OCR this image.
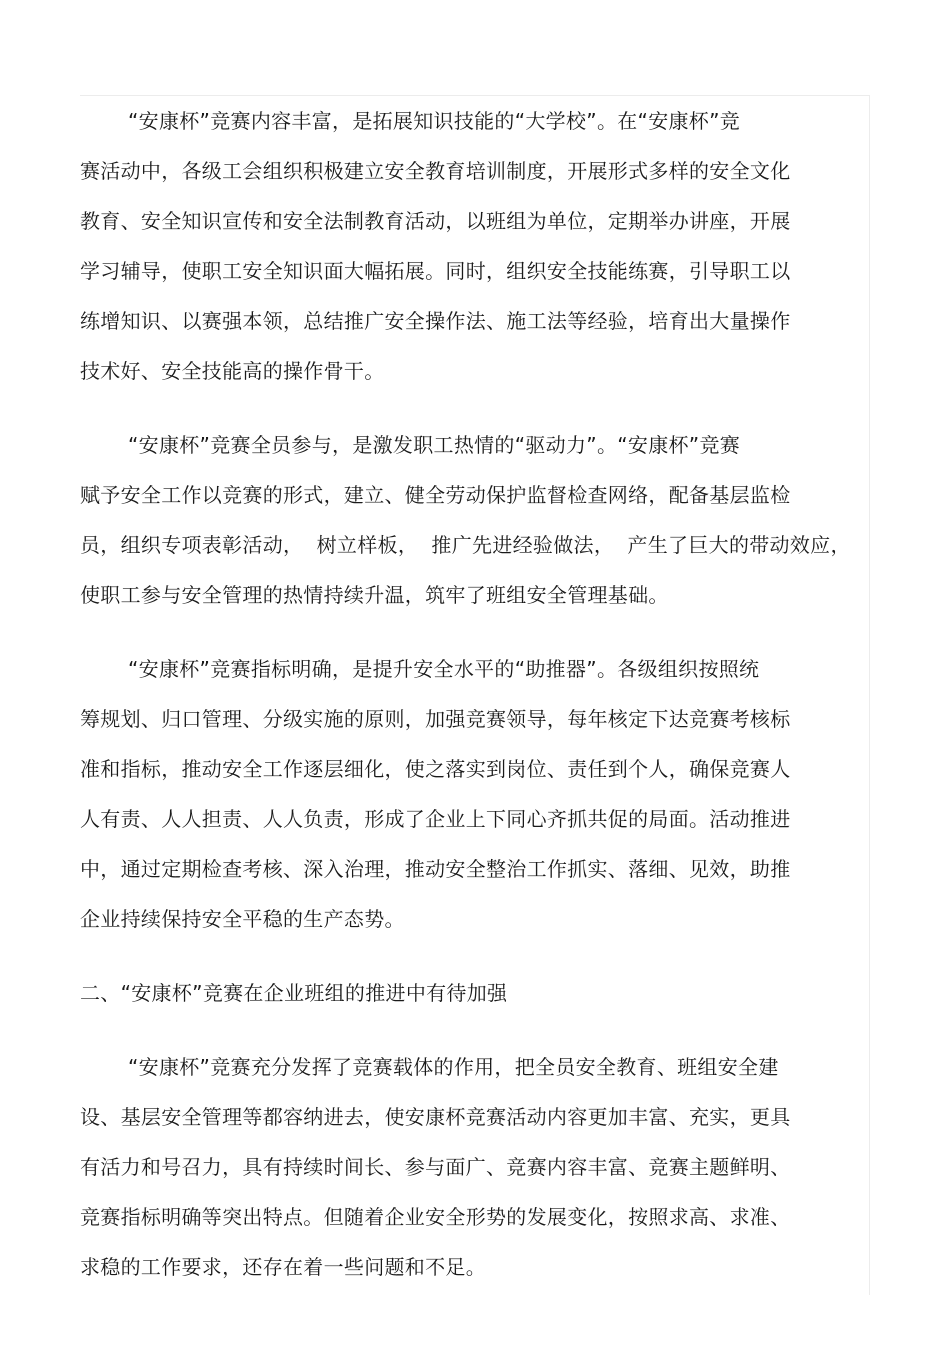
“安康杯”竞赛内容丰富，是拓展知识技能的“大学校”。在“安康杯”竞
赛活动中，各级工会组织积极建立安全教育培训制度，开展形式多样的安全文化
教育、安全知识宣传和安全法制教育活动，以班组为单位，定期举办讲座，开展
学习辅导，使职工安全知识面大幅拓展。同时，组织安全技能练赛，引导职工以
练增知识、以赛强本领，总结推广安全操作法、施工法等经验，培育出大量操作
技术好、安全技能高的操作骨干。

“安康杯”竞赛全员参与，是激发职工热情的“驱动力”。“安康杯”竞赛
赋予安全工作以竞赛的形式，建立、健全劳动保护监督检查网络，配备基层监检
员，组织专项表彰活动，  树立样板，  推广先进经验做法，  产生了巨大的带动效应，
使职工参与安全管理的热情持续升温，筑牢了班组安全管理基础。

“安康杯”竞赛指标明确，是提升安全水平的“助推器”。各级组织按照统
筹规划、归口管理、分级实施的原则，加强竞赛领导，每年核定下达竞赛考核标
准和指标，推动安全工作逐层细化，使之落实到岗位、责任到个人，确保竞赛人
人有责、人人担责、人人负责，形成了企业上下同心齐抓共促的局面。活动推进
中，通过定期检查考核、深入治理，推动安全整治工作抓实、落细、见效，助推
企业持续保持安全平稳的生产态势。

二、“安康杯”竞赛在企业班组的推进中有待加强

“安康杯”竞赛充分发挥了竞赛载体的作用，把全员安全教育、班组安全建
设、基层安全管理等都容纳进去，使安康杯竞赛活动内容更加丰富、充实，更具
有活力和号召力，具有持续时间长、参与面广、竞赛内容丰富、竞赛主题鲜明、
竞赛指标明确等突出特点。但随着企业安全形势的发展变化，按照求高、求准、
求稳的工作要求，还存在着一些问题和不足。
